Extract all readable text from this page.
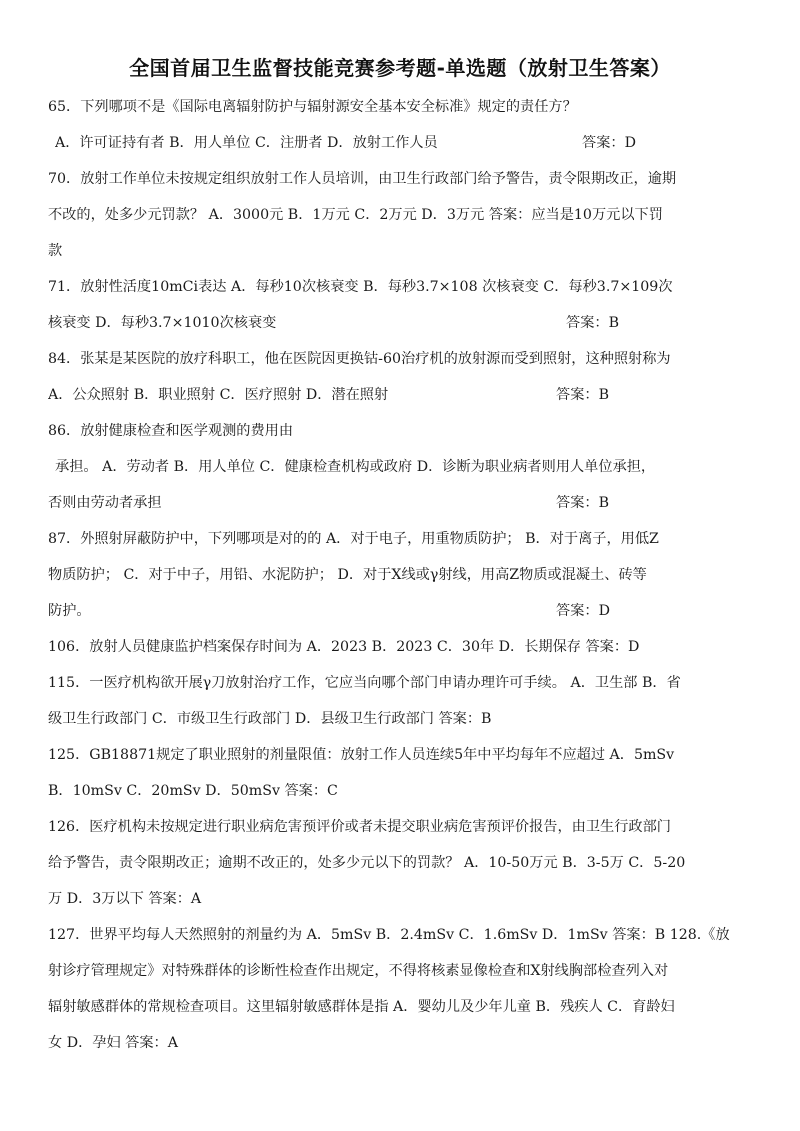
全国首届卫生监督技能竞赛参考题-单选题（放射卫生答案）
65．下列哪项不是《国际电离辐射防护与辐射源安全基本安全标准》规定的责任方？
A．许可证持有者 B．用人单位 C．注册者 D．放射工作人员	答案：D
70．放射工作单位未按规定组织放射工作人员培训，由卫生行政部门给予警告，责令限期改正，逾期
不改的，处多少元罚款？ A．3000元 B．1万元 C．2万元 D．3万元 答案：应当是10万元以下罚
款
71．放射性活度10mCi表达 A．每秒10次核衰变 B．每秒3.7×108 次核衰变 C．每秒3.7×109次
核衰变 D．每秒3.7×1010次核衰变	答案：B
84．张某是某医院的放疗科职工，他在医院因更换钴-60治疗机的放射源而受到照射，这种照射称为
A．公众照射 B．职业照射 C．医疗照射 D．潜在照射	答案：B
86．放射健康检查和医学观测的费用由
承担。 A．劳动者 B．用人单位 C．健康检查机构或政府 D．诊断为职业病者则用人单位承担，
否则由劳动者承担	答案：B
87．外照射屏蔽防护中，下列哪项是对的的 A．对于电子，用重物质防护； B．对于离子，用低Z
物质防护； C．对于中子，用铅、水泥防护； D．对于X线或γ射线，用高Z物质或混凝土、砖等
防护。	答案：D
106．放射人员健康监护档案保存时间为 A．2023 B．2023 C．30年 D．长期保存 答案：D
115．一医疗机构欲开展γ刀放射治疗工作，它应当向哪个部门申请办理许可手续。 A．卫生部 B．省
级卫生行政部门 C．市级卫生行政部门 D．县级卫生行政部门 答案：B
125．GB18871规定了职业照射的剂量限值：放射工作人员连续5年中平均每年不应超过 A．5mSv
B．10mSv C．20mSv D．50mSv 答案：C
126．医疗机构未按规定进行职业病危害预评价或者未提交职业病危害预评价报告，由卫生行政部门
给予警告，责令限期改正；逾期不改正的，处多少元以下的罚款？ A．10-50万元 B．3-5万 C．5-20
万 D．3万以下 答案：A
127．世界平均每人天然照射的剂量约为 A．5mSv B．2.4mSv C．1.6mSv D．1mSv 答案：B 128.《放
射诊疗管理规定》对特殊群体的诊断性检查作出规定，不得将核素显像检查和X射线胸部检查列入对
辐射敏感群体的常规检查项目。这里辐射敏感群体是指 A．婴幼儿及少年儿童 B．残疾人 C．育龄妇
女 D．孕妇 答案：A
